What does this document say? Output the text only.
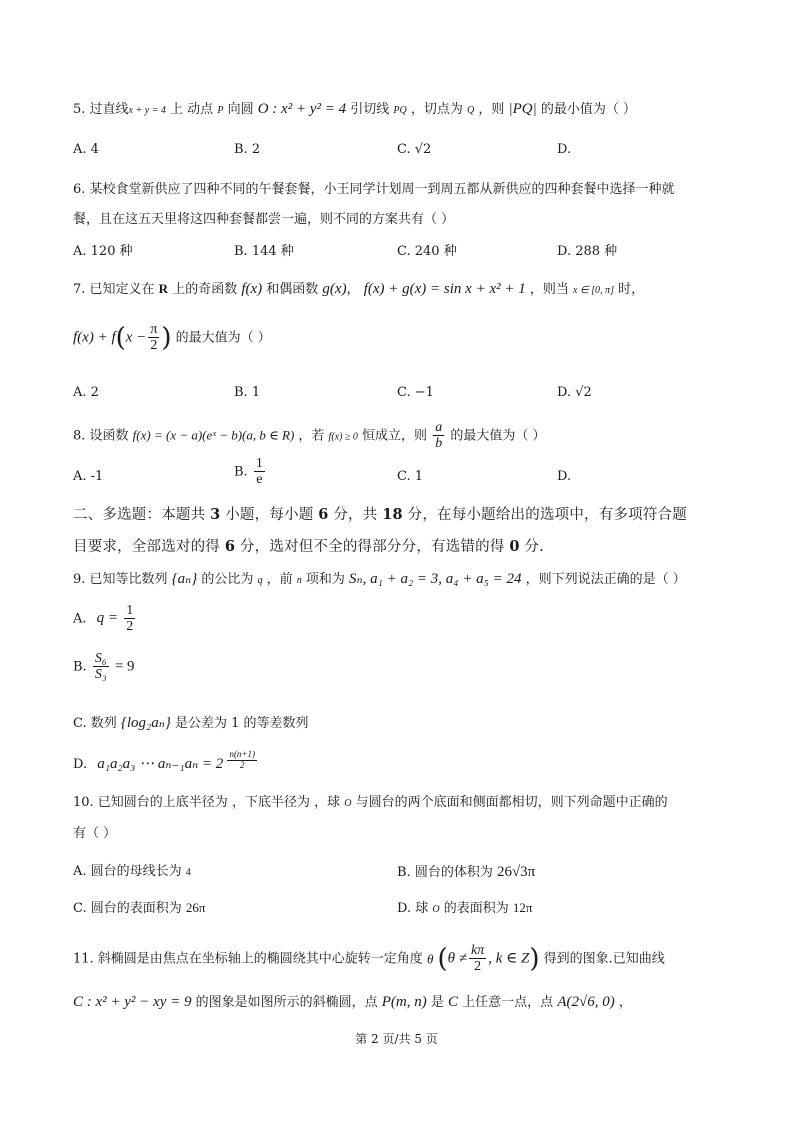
5. 过直线x + y = 4 上 动点 P 向圆 O : x² + y² = 4 引切线 PQ ，切点为 Q ，则 |PQ| 的最小值为（ ）
A. 4	B. 2	C. √2	D.
6. 某校食堂新供应了四种不同的午餐套餐，小王同学计划周一到周五都从新供应的四种套餐中选择一种就
餐，且在这五天里将这四种套餐都尝一遍，则不同的方案共有（ ）
A. 120 种	B. 144 种	C. 240 种	D. 288 种
7. 已知定义在 R 上的奇函数 f(x) 和偶函数 g(x)， f(x) + g(x) = sin x + x² + 1 ，则当 x ∈ [0, π] 时，
$f(x) + f(x - \frac{\pi}{2}$ ) 的最大值为（ ）
A. 2	B. 1	C. −1	D. √2
8. 设函数 f(x) = (x − a)(eˣ − b)(a, b ∈ R) ，若 f(x) ≥ 0 恒成立，则 $\frac{a}{b}$ 的最大值为（ ）
A. -1	B. $\frac{1}{e}$	C. 1	D.
二、多选题：本题共 3 小题，每小题 6 分，共 18 分，在每小题给出的选项中，有多项符合题
目要求，全部选对的得 6 分，选对但不全的得部分分，有选错的得 0 分.
9. 已知等比数列 {aₙ} 的公比为 q ，前 n 项和为 Sₙ, a₁ + a₂ = 3, a₄ + a₅ = 24 ，则下列说法正确的是（ ）
A. $q = \frac{1}{2}$
B. $\frac{\text{S₆}}{\text{S₃}} = 9$
C. 数列 {log₂aₙ} 是公差为 1 的等差数列
D. a₁a₂a₃ ⋯ $a_{n-1}a_n = 2 \frac{n(n+1)}{2}$
10. 已知圆台的上底半径为 ，下底半径为 ，球 O 与圆台的两个底面和侧面都相切，则下列命题中正确的
有（ ）
A. 圆台的母线长为 4	B. 圆台的体积为 26√3π
C. 圆台的表面积为 26π	D. 球 O 的表面积为 12π
11. 斜椭圆是由焦点在坐标轴上的椭圆绕其中心旋转一定角度 θ ($\theta \ne \frac{k\pi}{2}$ , k ∈ Z) 得到的图象.已知曲线
C : x² + y² − xy = 9 的图象是如图所示的斜椭圆，点 P(m, n) 是 C 上任意一点，点 A(2√6, 0) ，
第 2 页/共 5 页
